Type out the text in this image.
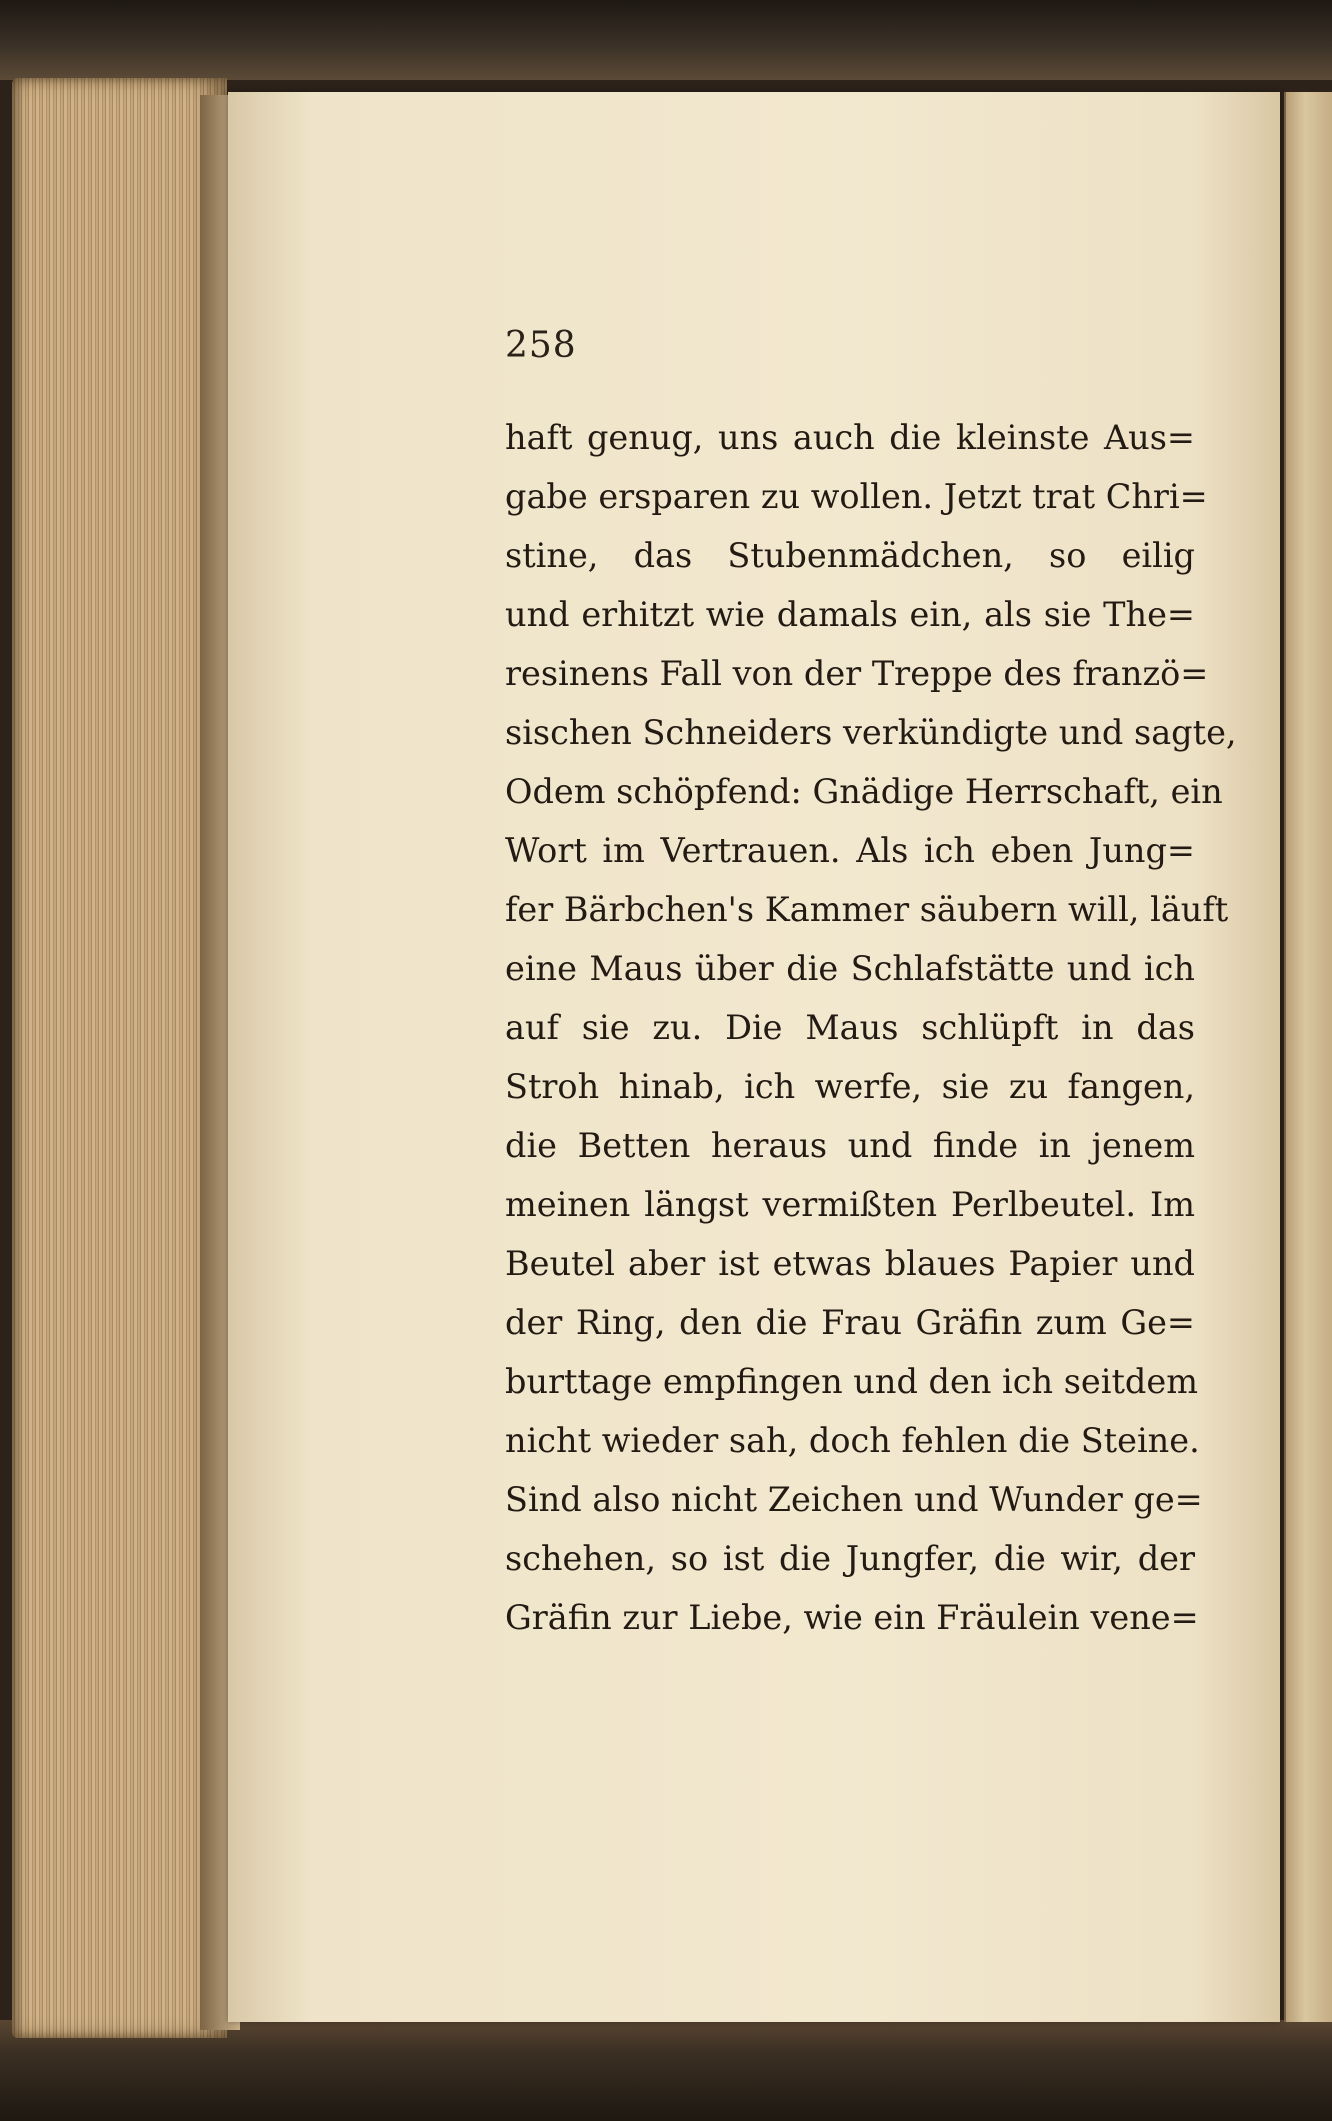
258
haft genug, uns auch die kleinste Aus=
gabe ersparen zu wollen. Jetzt trat Chri=
stine, das Stubenmädchen, so eilig
und erhitzt wie damals ein, als sie The=
resinens Fall von der Treppe des franzö=
sischen Schneiders verkündigte und sagte,
Odem schöpfend: Gnädige Herrschaft, ein
Wort im Vertrauen. Als ich eben Jung=
fer Bärbchen's Kammer säubern will, läuft
eine Maus über die Schlafstätte und ich
auf sie zu. Die Maus schlüpft in das
Stroh hinab, ich werfe, sie zu fangen,
die Betten heraus und finde in jenem
meinen längst vermißten Perlbeutel. Im
Beutel aber ist etwas blaues Papier und
der Ring, den die Frau Gräfin zum Ge=
burttage empfingen und den ich seitdem
nicht wieder sah, doch fehlen die Steine.
Sind also nicht Zeichen und Wunder ge=
schehen, so ist die Jungfer, die wir, der
Gräfin zur Liebe, wie ein Fräulein vene=
